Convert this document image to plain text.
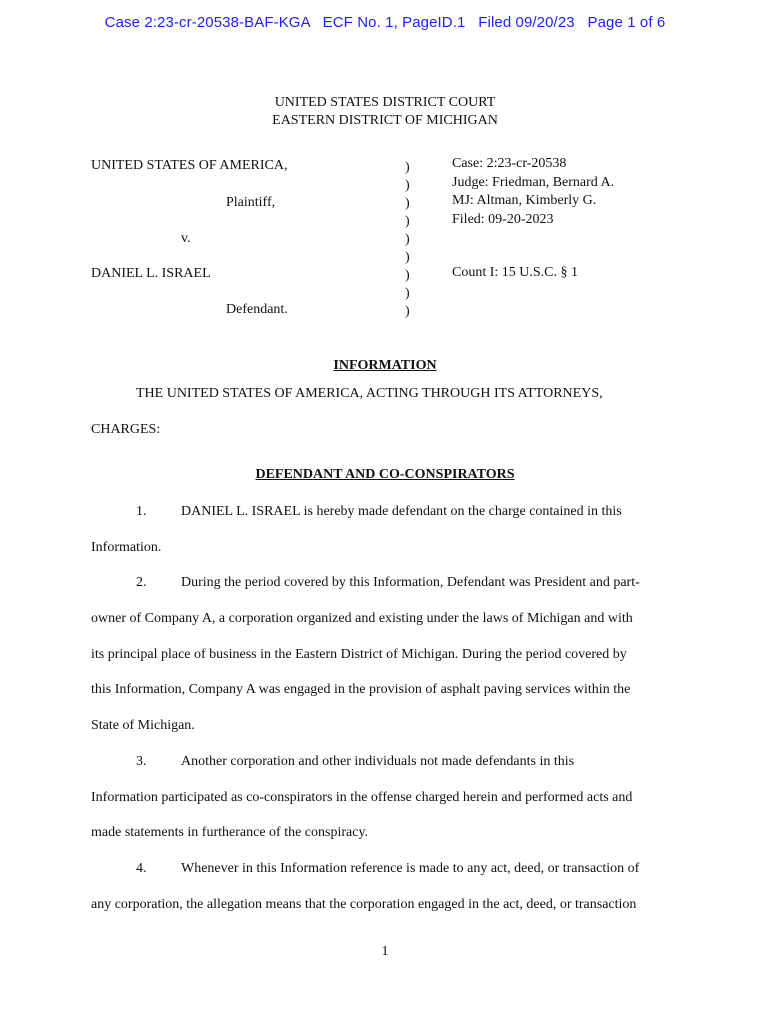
Case 2:23-cr-20538-BAF-KGA   ECF No. 1, PageID.1   Filed 09/20/23   Page 1 of 6
UNITED STATES DISTRICT COURT
EASTERN DISTRICT OF MICHIGAN
UNITED STATES OF AMERICA,
Plaintiff,
v.
DANIEL L. ISRAEL
Defendant.
)
)
)
)
)
)
)
)
)
Case: 2:23-cr-20538
Judge: Friedman, Bernard A.
MJ: Altman, Kimberly G.
Filed: 09-20-2023
Count I: 15 U.S.C. § 1
INFORMATION
THE UNITED STATES OF AMERICA, ACTING THROUGH ITS ATTORNEYS,
CHARGES:
DEFENDANT AND CO-CONSPIRATORS
1. DANIEL L. ISRAEL is hereby made defendant on the charge contained in this
Information.
2. During the period covered by this Information, Defendant was President and part-
owner of Company A, a corporation organized and existing under the laws of Michigan and with
its principal place of business in the Eastern District of Michigan. During the period covered by
this Information, Company A was engaged in the provision of asphalt paving services within the
State of Michigan.
3. Another corporation and other individuals not made defendants in this
Information participated as co-conspirators in the offense charged herein and performed acts and
made statements in furtherance of the conspiracy.
4. Whenever in this Information reference is made to any act, deed, or transaction of
any corporation, the allegation means that the corporation engaged in the act, deed, or transaction
1
